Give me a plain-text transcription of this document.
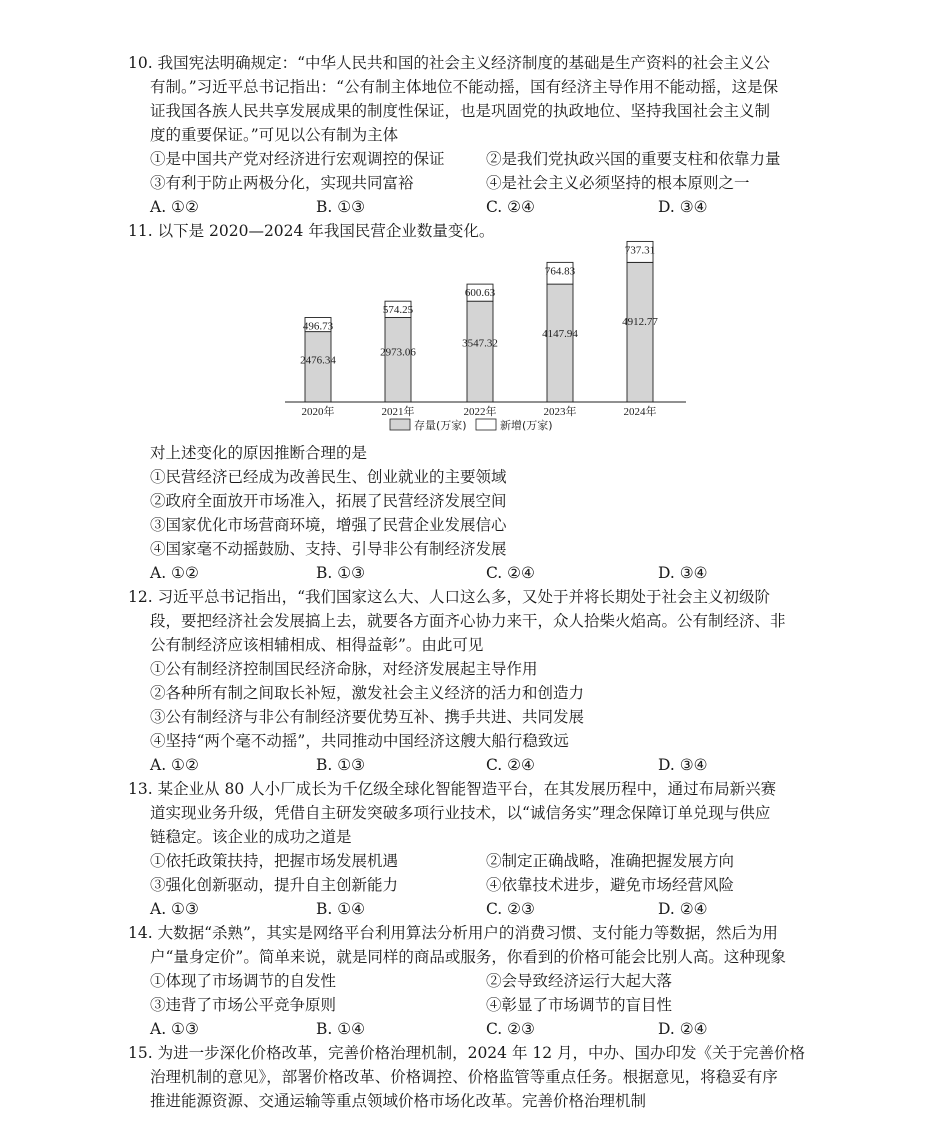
10. 我国宪法明确规定：“中华人民共和国的社会主义经济制度的基础是生产资料的社会主义公
有制。”习近平总书记指出：“公有制主体地位不能动摇，国有经济主导作用不能动摇，这是保
证我国各族人民共享发展成果的制度性保证，也是巩固党的执政地位、坚持我国社会主义制
度的重要保证。”可见以公有制为主体
①是中国共产党对经济进行宏观调控的保证	②是我们党执政兴国的重要支柱和依靠力量
③有利于防止两极分化，实现共同富裕	④是社会主义必须坚持的根本原则之一
A. ①②	B. ①③	C. ②④	D. ③④
11. 以下是 2020—2024 年我国民营企业数量变化。
2476.34
496.73
2973.06
574.25
3547.32
600.63
4147.94
764.83
4912.77
737.31
2020年	2021年	2022年	2023年	2024年
存量(万家)	新增(万家)
对上述变化的原因推断合理的是
①民营经济已经成为改善民生、创业就业的主要领域
②政府全面放开市场准入，拓展了民营经济发展空间
③国家优化市场营商环境，增强了民营企业发展信心
④国家毫不动摇鼓励、支持、引导非公有制经济发展
A. ①②	B. ①③	C. ②④	D. ③④
12. 习近平总书记指出，“我们国家这么大、人口这么多，又处于并将长期处于社会主义初级阶
段，要把经济社会发展搞上去，就要各方面齐心协力来干，众人拾柴火焰高。公有制经济、非
公有制经济应该相辅相成、相得益彰”。由此可见
①公有制经济控制国民经济命脉，对经济发展起主导作用
②各种所有制之间取长补短，激发社会主义经济的活力和创造力
③公有制经济与非公有制经济要优势互补、携手共进、共同发展
④坚持“两个毫不动摇”，共同推动中国经济这艘大船行稳致远
A. ①②	B. ①③	C. ②④	D. ③④
13. 某企业从 80 人小厂成长为千亿级全球化智能智造平台，在其发展历程中，通过布局新兴赛
道实现业务升级，凭借自主研发突破多项行业技术，以“诚信务实”理念保障订单兑现与供应
链稳定。该企业的成功之道是
①依托政策扶持，把握市场发展机遇	②制定正确战略，准确把握发展方向
③强化创新驱动，提升自主创新能力	④依靠技术进步，避免市场经营风险
A. ①③	B. ①④	C. ②③	D. ②④
14. 大数据“杀熟”，其实是网络平台利用算法分析用户的消费习惯、支付能力等数据，然后为用
户“量身定价”。简单来说，就是同样的商品或服务，你看到的价格可能会比别人高。这种现象
①体现了市场调节的自发性	②会导致经济运行大起大落
③违背了市场公平竞争原则	④彰显了市场调节的盲目性
A. ①③	B. ①④	C. ②③	D. ②④
15. 为进一步深化价格改革，完善价格治理机制，2024 年 12 月，中办、国办印发《关于完善价格
治理机制的意见》，部署价格改革、价格调控、价格监管等重点任务。根据意见，将稳妥有序
推进能源资源、交通运输等重点领域价格市场化改革。完善价格治理机制
